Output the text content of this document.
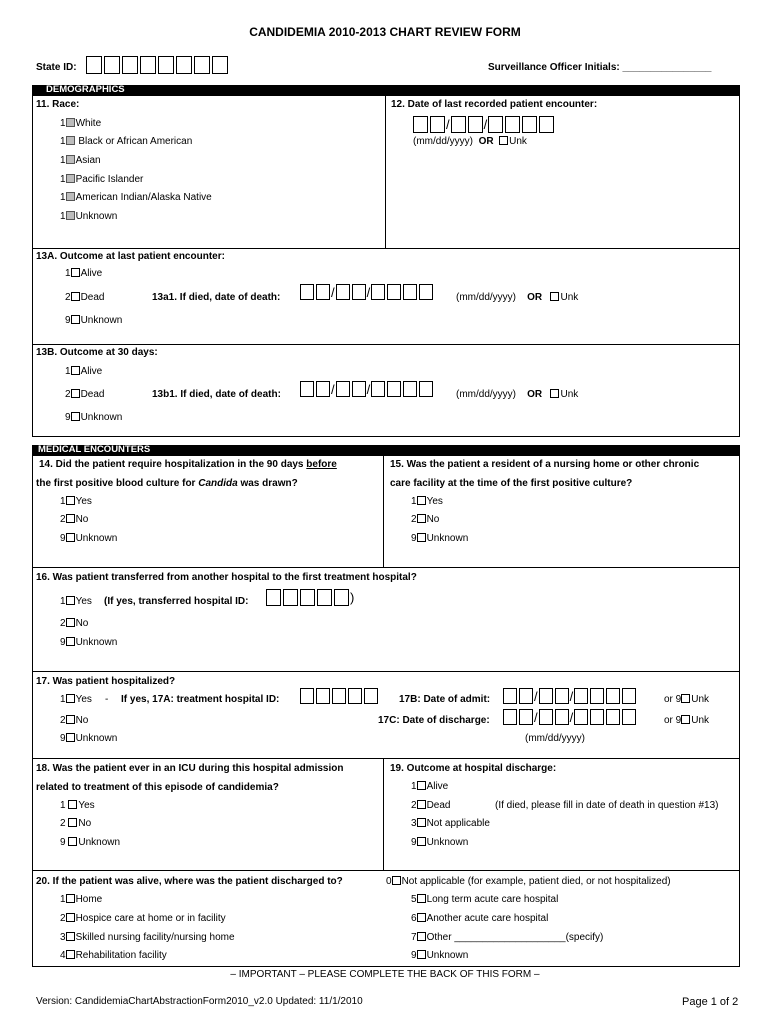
CANDIDEMIA 2010-2013 CHART REVIEW FORM
State ID:	Surveillance Officer Initials: ________________
DEMOGRAPHICS
11. Race:
1 White
1 Black or African American
1 Asian
1 Pacific Islander
1 American Indian/Alaska Native
1 Unknown
12. Date of last recorded patient encounter:
/	/
(mm/dd/yyyy) OR Unk
13A. Outcome at last patient encounter:
1 Alive
2 Dead	13a1. If died, date of death:	/ /	(mm/dd/yyyy) OR Unk
9 Unknown
13B. Outcome at 30 days:
1 Alive
2 Dead	13b1. If died, date of death:	/ /	(mm/dd/yyyy) OR Unk
9 Unknown
MEDICAL ENCOUNTERS
14. Did the patient require hospitalization in the 90 days before
the first positive blood culture for Candida was drawn?
1 Yes
2 No
9 Unknown
15. Was the patient a resident of a nursing home or other chronic
care facility at the time of the first positive culture?
1 Yes
2 No
9 Unknown
16. Was patient transferred from another hospital to the first treatment hospital?
1 Yes (If yes, transferred hospital ID:	)
2 No
9 Unknown
17. Was patient hospitalized?
1 Yes - If yes, 17A: treatment hospital ID:	17B: Date of admit:	/ /	or 9 Unk
2 No	17C: Date of discharge:	/ /	or 9 Unk
9 Unknown	(mm/dd/yyyy)
18. Was the patient ever in an ICU during this hospital admission
related to treatment of this episode of candidemia?
1 Yes
2 No
9 Unknown
19. Outcome at hospital discharge:
1 Alive
2 Dead	(If died, please fill in date of death in question #13)
3 Not applicable
9 Unknown
20. If the patient was alive, where was the patient discharged to?	0 Not applicable (for example, patient died, or not hospitalized)
1 Home
2 Hospice care at home or in facility
3 Skilled nursing facility/nursing home
4 Rehabilitation facility
5 Long term acute care hospital
6 Another acute care hospital
7 Other ____________________(specify)
9 Unknown
– IMPORTANT – PLEASE COMPLETE THE BACK OF THIS FORM –
Version: CandidemiaChartAbstractionForm2010_v2.0 Updated: 11/1/2010	Page 1 of 2
